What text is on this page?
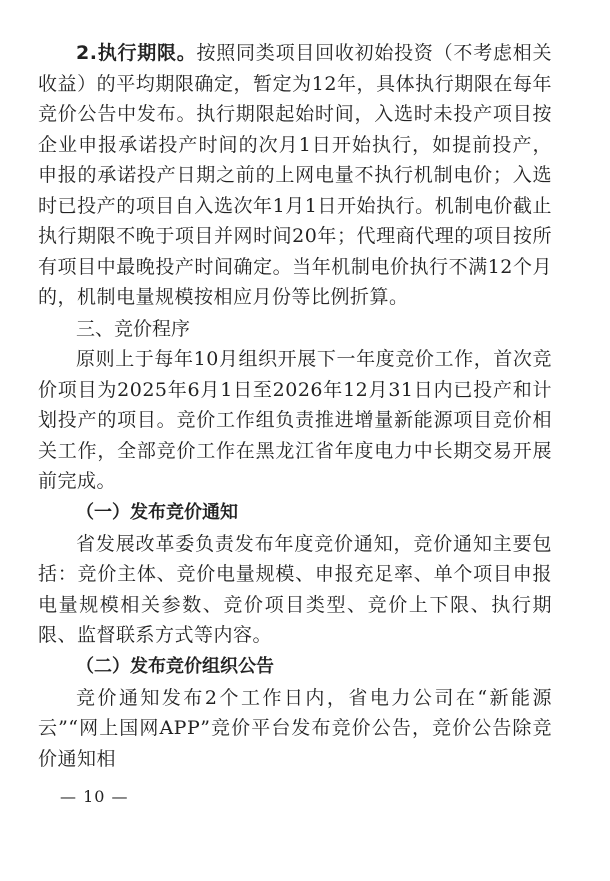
2.执行期限。按照同类项目回收初始投资（不考虑相关收益）的平均期限确定，暂定为12年，具体执行期限在每年竞价公告中发布。执行期限起始时间，入选时未投产项目按企业申报承诺投产时间的次月1日开始执行，如提前投产，申报的承诺投产日期之前的上网电量不执行机制电价；入选时已投产的项目自入选次年1月1日开始执行。机制电价截止执行期限不晚于项目并网时间20年；代理商代理的项目按所有项目中最晚投产时间确定。当年机制电价执行不满12个月的，机制电量规模按相应月份等比例折算。

三、竞价程序

原则上于每年10月组织开展下一年度竞价工作，首次竞价项目为2025年6月1日至2026年12月31日内已投产和计划投产的项目。竞价工作组负责推进增量新能源项目竞价相关工作，全部竞价工作在黑龙江省年度电力中长期交易开展前完成。

（一）发布竞价通知

省发展改革委负责发布年度竞价通知，竞价通知主要包括：竞价主体、竞价电量规模、申报充足率、单个项目申报电量规模相关参数、竞价项目类型、竞价上下限、执行期限、监督联系方式等内容。

（二）发布竞价组织公告

竞价通知发布2个工作日内，省电力公司在“新能源云”“网上国网APP”竞价平台发布竞价公告，竞价公告除竞价通知相

— 10 —
